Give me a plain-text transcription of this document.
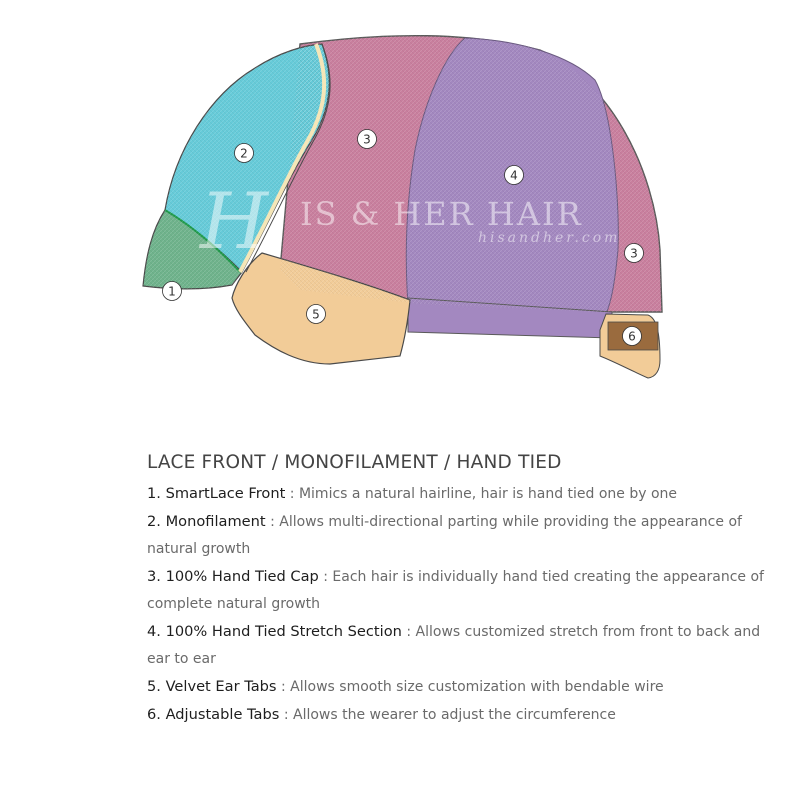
H IS & HER HAIR
hisandher.com
1
2
3
3
4
5
6
LACE FRONT / MONOFILAMENT / HAND TIED
1. SmartLace Front : Mimics a natural hairline, hair is hand tied one by one
2. Monofilament : Allows multi-directional parting while providing the appearance of natural growth
3. 100% Hand Tied Cap : Each hair is individually hand tied creating the appearance of complete natural growth
4. 100% Hand Tied Stretch Section : Allows customized stretch from front to back and ear to ear
5. Velvet Ear Tabs : Allows smooth size customization with bendable wire
6. Adjustable Tabs : Allows the wearer to adjust the circumference
